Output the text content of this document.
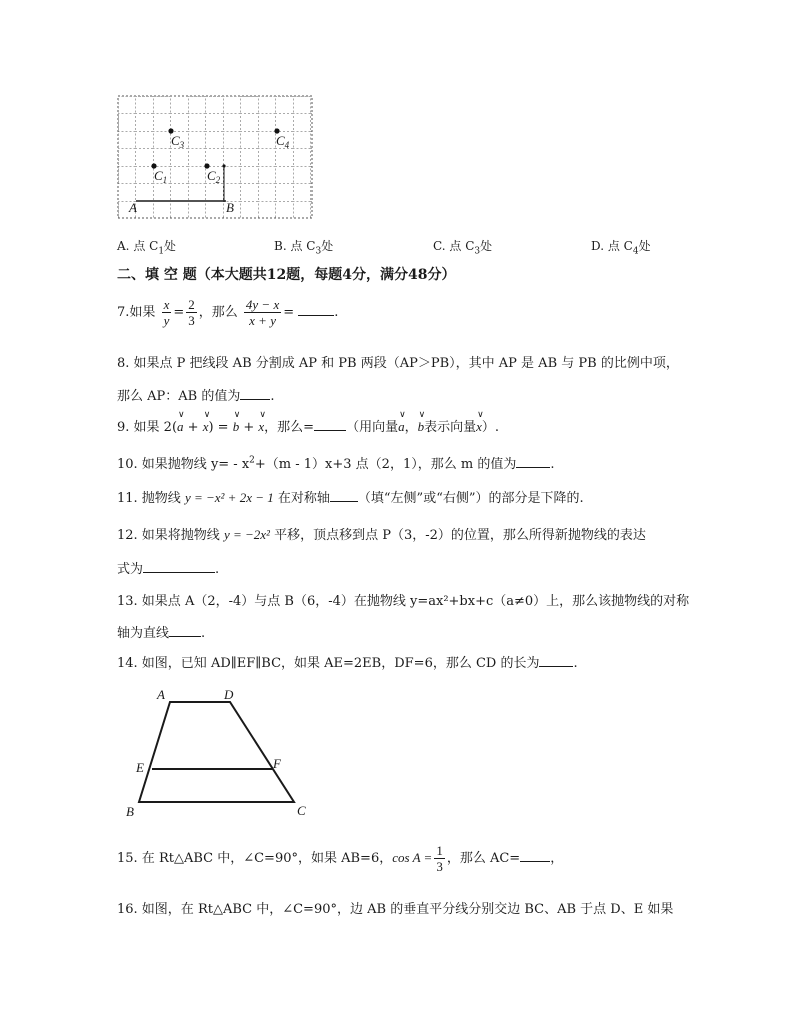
$C_3$	$C_4$
$C_1$	$C_2$
A	B
A. 点 $C_1$处	B. 点 $C_3$处	C. 点 $C_3$处	D. 点 $C_4$处
二、填 空 题（本大题共12题，每题4分，满分48分）
7.如果 $\frac{x}{y} = \frac{2}{3}$ ，那么 $\frac{4y - x}{x + y}$ =	.
8. 如果点 P 把线段 AB 分割成 AP 和 PB 两段（AP＞PB），其中 AP 是 AB 与 PB 的比例中项，
那么 AP：AB 的值为 .
9. 如果 2(∨ a + ∨ x) = ∨ b + ∨ x，那么= （用向量∨ a，∨ b表示向量∨ x）.
10. 如果抛物线 $y= - x^2+(m - 1)x+3$ 点（2，1），那么 m 的值为	.
11. 抛物线 y = −x² + 2x − 1 在对称轴 （填“左侧”或“右侧”）的部分是下降的.
12. 如果将抛物线 y = −2x² 平移，顶点移到点 P（3，-2）的位置，那么所得新抛物线的表达
式为	.
13. 如果点 A（2，-4）与点 B（6，-4）在抛物线 y=ax²+bx+c（a≠0）上，那么该抛物线的对称
轴为直线 .
14. 如图，已知 AD∥EF∥BC，如果 AE=2EB，DF=6，那么 CD 的长为	.
A	D
E	F
B	C
15. 在 Rt△ABC 中，∠C=90°，如果 AB=6，$\cos A = \frac{1}{3}$ ，那么 AC= ，
16. 如图，在 Rt△ABC 中，∠C=90°，边 AB 的垂直平分线分别交边 BC、AB 于点 D、E 如果
